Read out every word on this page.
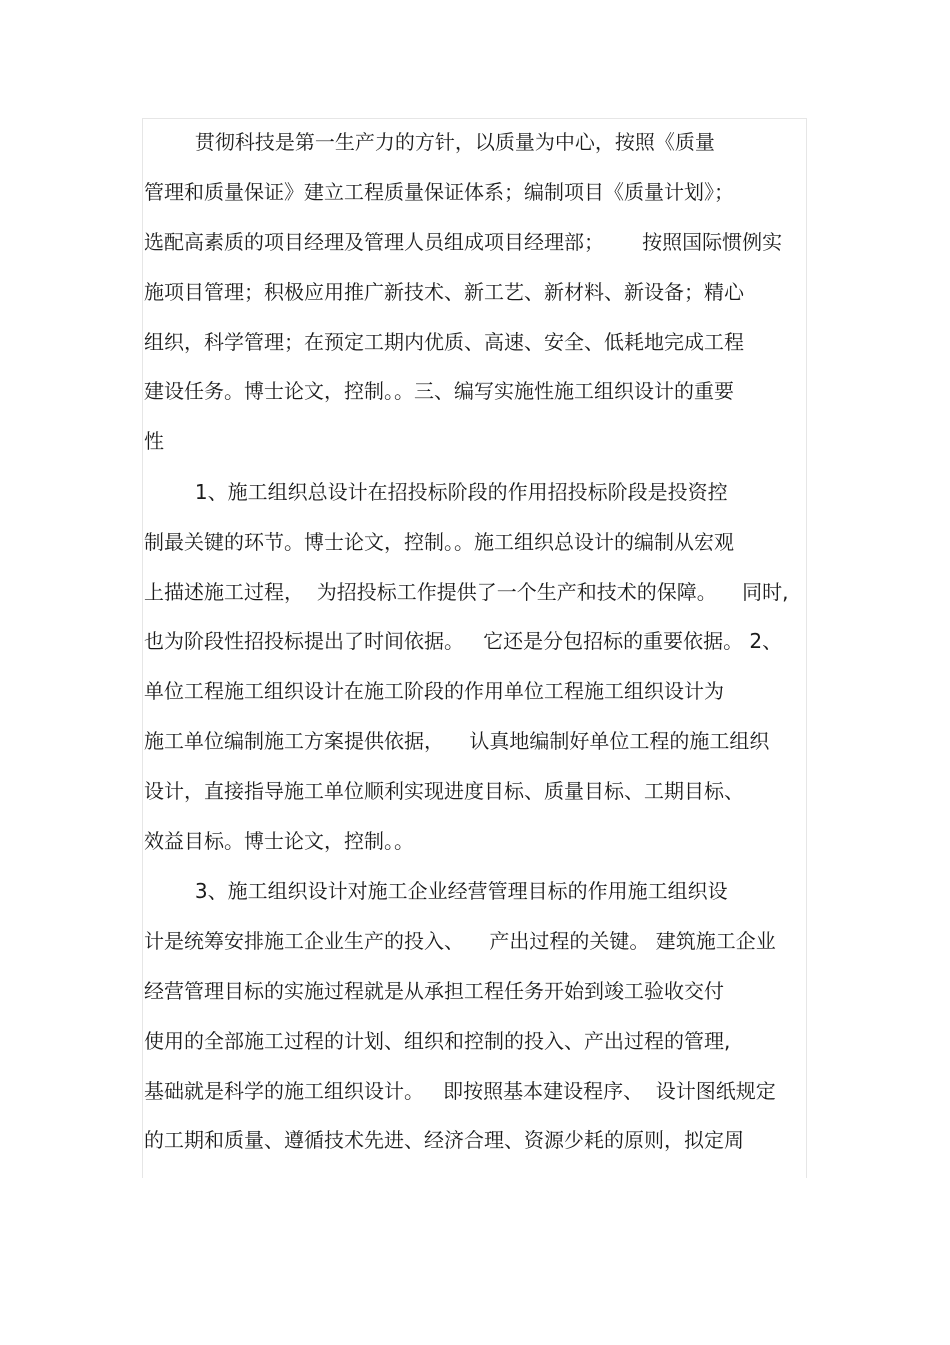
贯彻科技是第一生产力的方针，以质量为中心，按照《质量
管理和质量保证》建立工程质量保证体系；编制项目《质量计划》；
选配高素质的项目经理及管理人员组成项目经理部；      按照国际惯例实
施项目管理；积极应用推广新技术、新工艺、新材料、新设备；精心
组织，科学管理；在预定工期内优质、高速、安全、低耗地完成工程
建设任务。博士论文，控制。。三、编写实施性施工组织设计的重要
性
1、施工组织总设计在招投标阶段的作用招投标阶段是投资控
制最关键的环节。博士论文，控制。。施工组织总设计的编制从宏观
上描述施工过程，  为招投标工作提供了一个生产和技术的保障。    同时,
也为阶段性招投标提出了时间依据。   它还是分包招标的重要依据。 2、
单位工程施工组织设计在施工阶段的作用单位工程施工组织设计为
施工单位编制施工方案提供依据，    认真地编制好单位工程的施工组织
设计，直接指导施工单位顺利实现进度目标、质量目标、工期目标、
效益目标。博士论文，控制。。
3、施工组织设计对施工企业经营管理目标的作用施工组织设
计是统筹安排施工企业生产的投入、    产出过程的关键。 建筑施工企业
经营管理目标的实施过程就是从承担工程任务开始到竣工验收交付
使用的全部施工过程的计划、组织和控制的投入、产出过程的管理,
基础就是科学的施工组织设计。   即按照基本建设程序、  设计图纸规定
的工期和质量、遵循技术先进、经济合理、资源少耗的原则，拟定周
